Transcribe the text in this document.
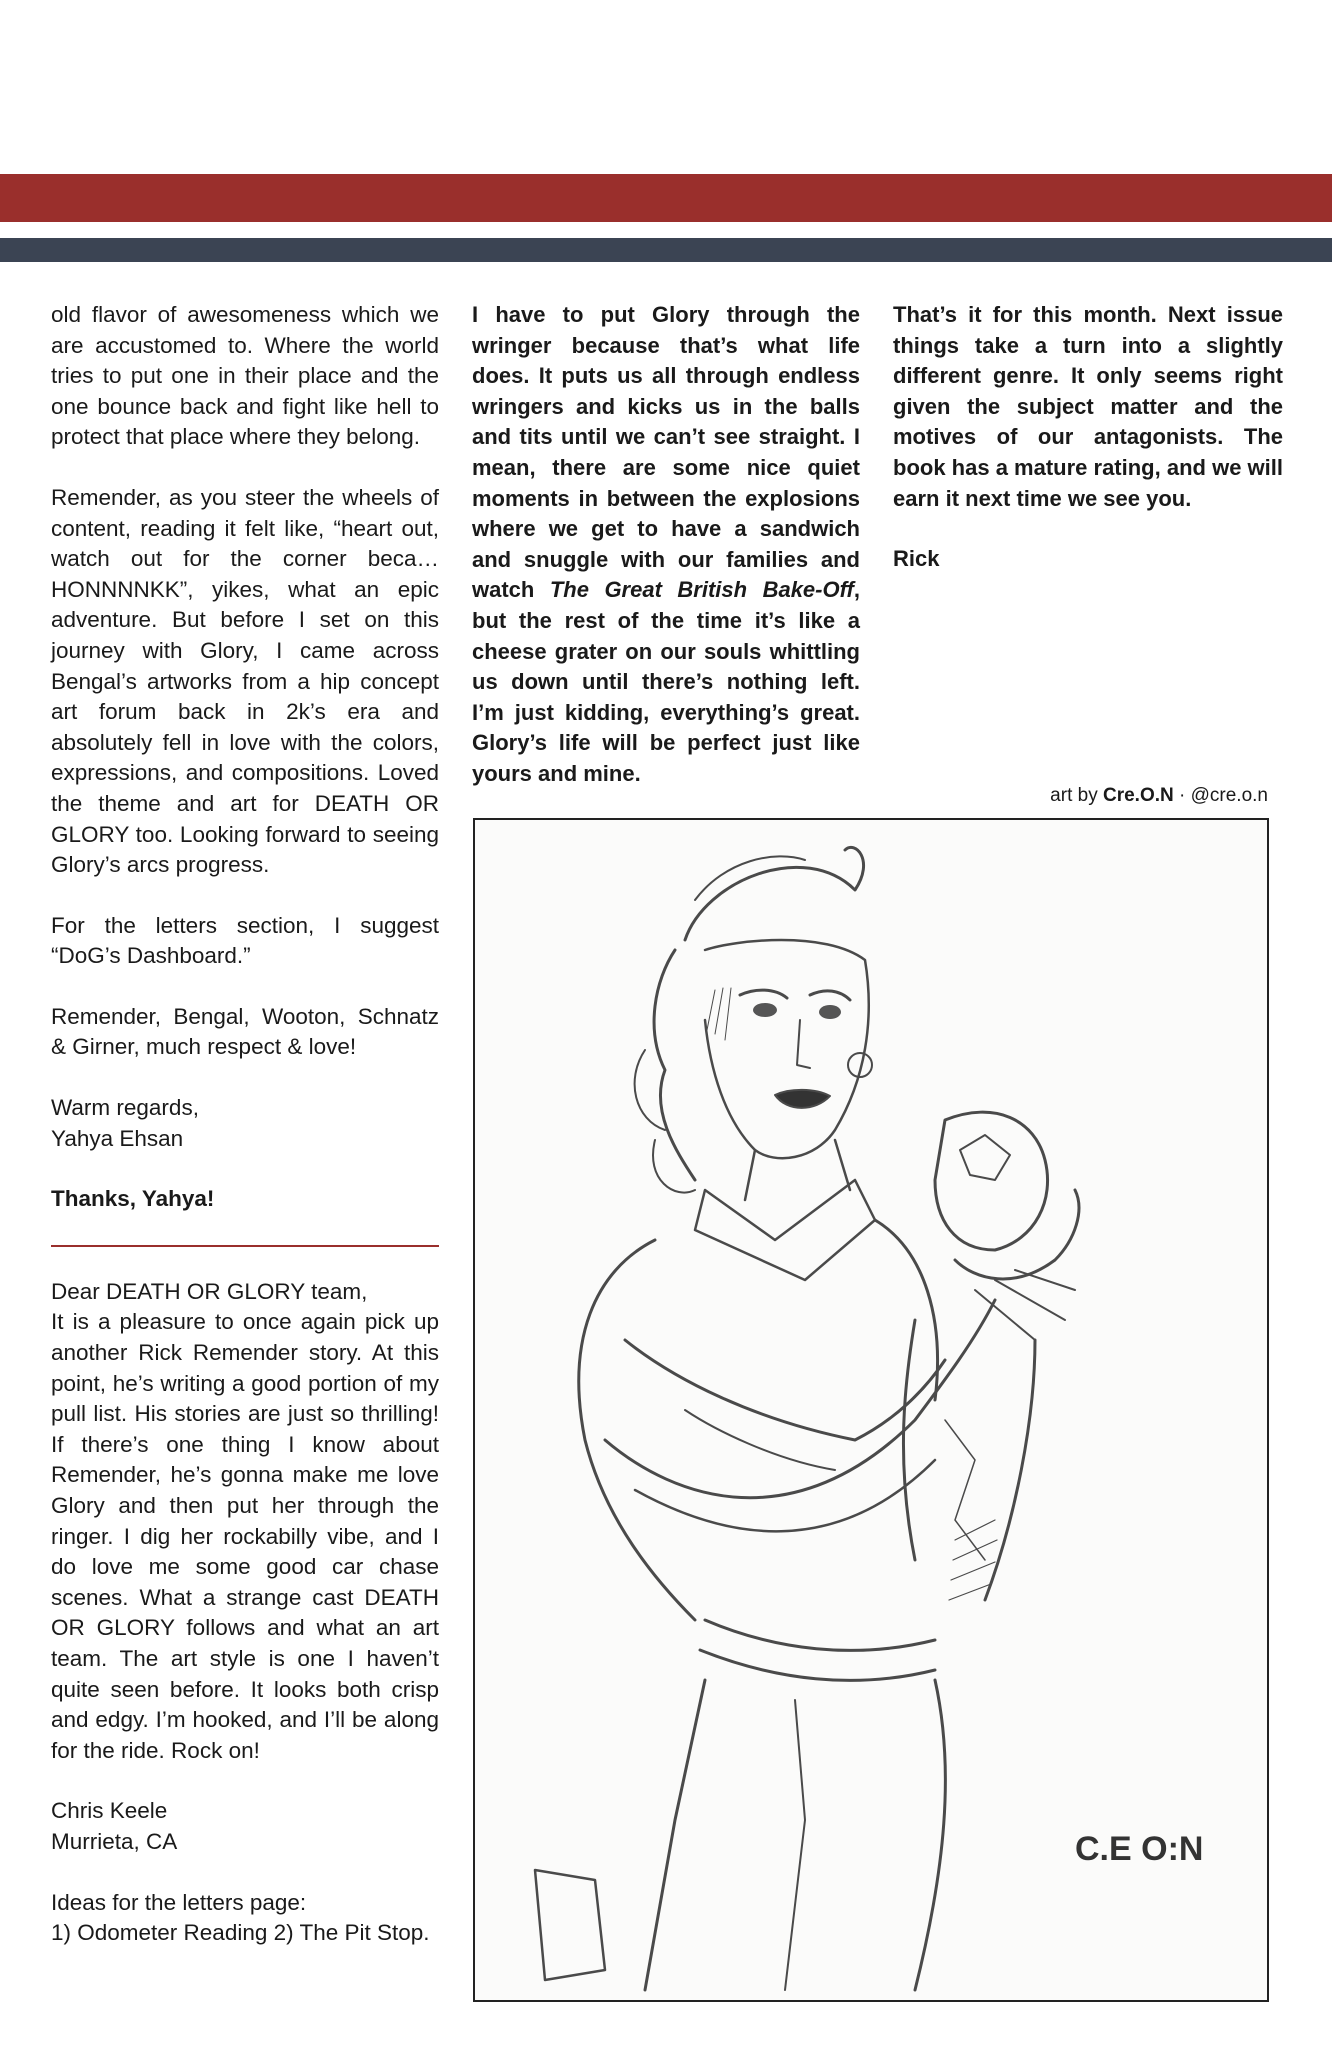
old flavor of awesomeness which we are accustomed to. Where the world tries to put one in their place and the one bounce back and fight like hell to protect that place where they belong.

Remender, as you steer the wheels of content, reading it felt like, “heart out, watch out for the corner beca… HONNNNKK”, yikes, what an epic adventure. But before I set on this journey with Glory, I came across Bengal’s artworks from a hip concept art forum back in 2k’s era and absolutely fell in love with the colors, expressions, and compositions. Loved the theme and art for DEATH OR GLORY too. Looking forward to seeing Glory’s arcs progress.

For the letters section, I suggest “DoG’s Dashboard.”

Remender, Bengal, Wooton, Schnatz & Girner, much respect & love!

Warm regards,
Yahya Ehsan

Thanks, Yahya!

Dear DEATH OR GLORY team,
It is a pleasure to once again pick up another Rick Remender story. At this point, he’s writing a good portion of my pull list. His stories are just so thrilling! If there’s one thing I know about Remender, he’s gonna make me love Glory and then put her through the ringer. I dig her rockabilly vibe, and I do love me some good car chase scenes. What a strange cast DEATH OR GLORY follows and what an art team. The art style is one I haven’t quite seen before. It looks both crisp and edgy. I’m hooked, and I’ll be along for the ride. Rock on!

Chris Keele
Murrieta, CA

Ideas for the letters page:
1) Odometer Reading 2) The Pit Stop.

I have to put Glory through the wringer because that’s what life does. It puts us all through endless wringers and kicks us in the balls and tits until we can’t see straight. I mean, there are some nice quiet moments in between the explosions where we get to have a sandwich and snuggle with our families and watch The Great British Bake-Off, but the rest of the time it’s like a cheese grater on our souls whittling us down until there’s nothing left. I’m just kidding, everything’s great. Glory’s life will be perfect just like yours and mine.

That’s it for this month. Next issue things take a turn into a slightly different genre. It only seems right given the subject matter and the motives of our antagonists. The book has a mature rating, and we will earn it next time we see you.

Rick

art by Cre.O.N · @cre.o.n
C.E O:N
